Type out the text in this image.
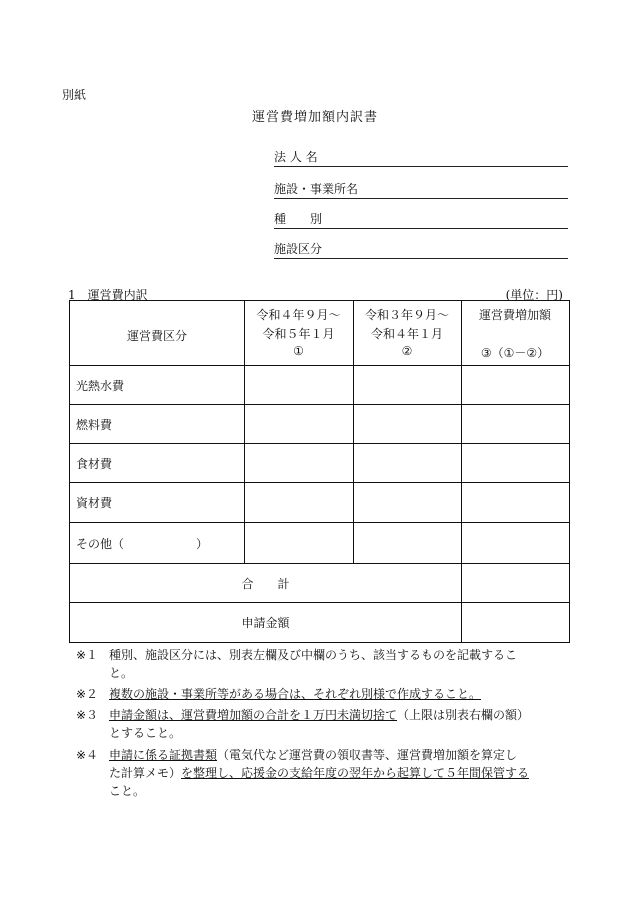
別紙
運営費増加額内訳書
法 人 名
施設・事業所名
種　　別
施設区分
1　運営費内訳	(単位：円)
運営費区分
令和４年９月～
令和５年１月
①
令和３年９月～
令和４年１月
②
運営費増加額
③（①－②）
光熱水費
燃料費
食材費
資材費
その他（　　　　　　）
合　　計
申請金額
※１ 種別、施設区分には、別表左欄及び中欄のうち、該当するものを記載するこ
と。
※２ 複数の施設・事業所等がある場合は、それぞれ別様で作成すること。
※３ 申請金額は、運営費増加額の合計を１万円未満切捨て（上限は別表右欄の額）
とすること。
※４ 申請に係る証拠書類（電気代など運営費の領収書等、運営費増加額を算定し
た計算メモ）を整理し、応援金の支給年度の翌年から起算して５年間保管する
こと。
